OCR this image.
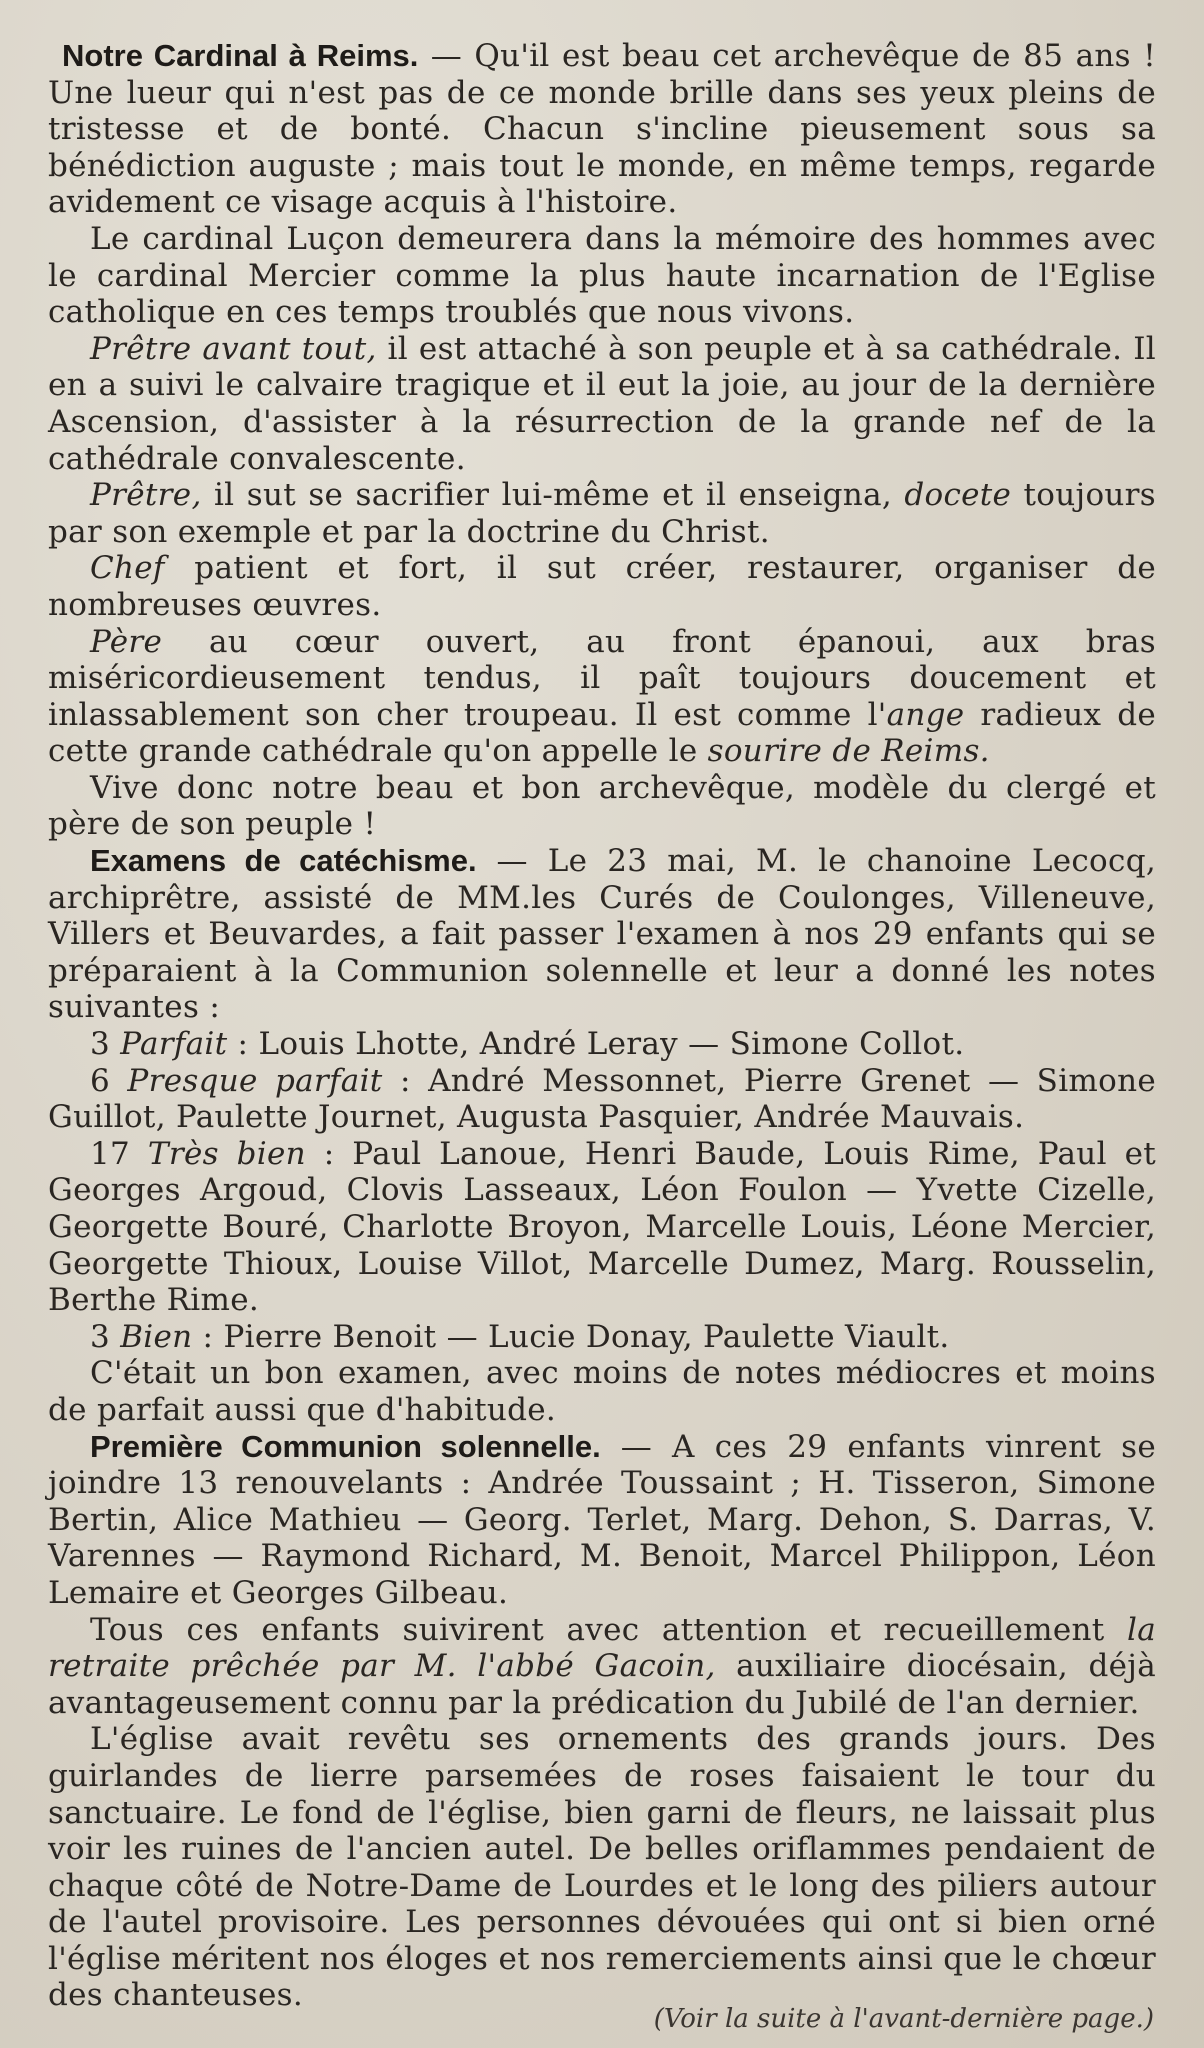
Notre Cardinal à Reims. — Qu'il est beau cet archevêque de 85 ans ! Une lueur qui n'est pas de ce monde brille dans ses yeux pleins de tristesse et de bonté. Chacun s'incline pieusement sous sa bénédiction auguste ; mais tout le monde, en même temps, regarde avidement ce visage acquis à l'histoire.

Le cardinal Luçon demeurera dans la mémoire des hommes avec le cardinal Mercier comme la plus haute incarnation de l'Eglise catholique en ces temps troublés que nous vivons.

Prêtre avant tout, il est attaché à son peuple et à sa cathédrale. Il en a suivi le calvaire tragique et il eut la joie, au jour de la dernière Ascension, d'assister à la résurrection de la grande nef de la cathédrale convalescente.

Prêtre, il sut se sacrifier lui-même et il enseigna, docete toujours par son exemple et par la doctrine du Christ.

Chef patient et fort, il sut créer, restaurer, organiser de nombreuses œuvres.

Père au cœur ouvert, au front épanoui, aux bras miséricordieusement tendus, il paît toujours doucement et inlassablement son cher troupeau. Il est comme l'ange radieux de cette grande cathédrale qu'on appelle le sourire de Reims.

Vive donc notre beau et bon archevêque, modèle du clergé et père de son peuple !

Examens de catéchisme. — Le 23 mai, M. le chanoine Lecocq, archiprêtre, assisté de MM.les Curés de Coulonges, Villeneuve, Villers et Beuvardes, a fait passer l'examen à nos 29 enfants qui se préparaient à la Communion solennelle et leur a donné les notes suivantes :

3 Parfait : Louis Lhotte, André Leray — Simone Collot.

6 Presque parfait : André Messonnet, Pierre Grenet — Simone Guillot, Paulette Journet, Augusta Pasquier, Andrée Mauvais.

17 Très bien : Paul Lanoue, Henri Baude, Louis Rime, Paul et Georges Argoud, Clovis Lasseaux, Léon Foulon — Yvette Cizelle, Georgette Bouré, Charlotte Broyon, Marcelle Louis, Léone Mercier, Georgette Thioux, Louise Villot, Marcelle Dumez, Marg. Rousselin, Berthe Rime.

3 Bien : Pierre Benoit — Lucie Donay, Paulette Viault.

C'était un bon examen, avec moins de notes médiocres et moins de parfait aussi que d'habitude.

Première Communion solennelle. — A ces 29 enfants vinrent se joindre 13 renouvelants : Andrée Toussaint ; H. Tisseron, Simone Bertin, Alice Mathieu — Georg. Terlet, Marg. Dehon, S. Darras, V. Varennes — Raymond Richard, M. Benoit, Marcel Philippon, Léon Lemaire et Georges Gilbeau.

Tous ces enfants suivirent avec attention et recueillement la retraite prêchée par M. l'abbé Gacoin, auxiliaire diocésain, déjà avantageusement connu par la prédication du Jubilé de l'an dernier.

L'église avait revêtu ses ornements des grands jours. Des guirlandes de lierre parsemées de roses faisaient le tour du sanctuaire. Le fond de l'église, bien garni de fleurs, ne laissait plus voir les ruines de l'ancien autel. De belles oriflammes pendaient de chaque côté de Notre-Dame de Lourdes et le long des piliers autour de l'autel provisoire. Les personnes dévouées qui ont si bien orné l'église méritent nos éloges et nos remerciements ainsi que le chœur des chanteuses.

(Voir la suite à l'avant-dernière page.)
